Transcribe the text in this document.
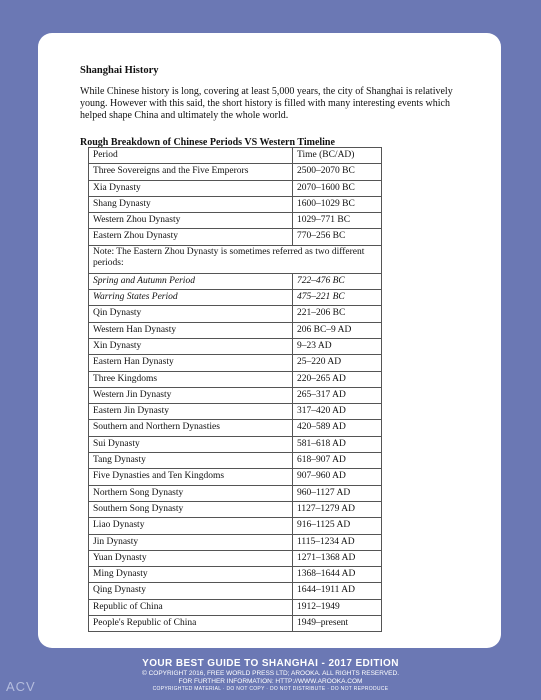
Shanghai History
While Chinese history is long, covering at least 5,000 years, the city of Shanghai is relatively young. However with this said, the short history is filled with many interesting events which helped shape China and ultimately the whole world.
Rough Breakdown of Chinese Periods VS Western Timeline
Period	Time (BC/AD)
Three Sovereigns and the Five Emperors	2500–2070 BC
Xia Dynasty	2070–1600 BC
Shang Dynasty	1600–1029 BC
Western Zhou Dynasty	1029–771 BC
Eastern Zhou Dynasty	770–256 BC
Note: The Eastern Zhou Dynasty is sometimes referred as two different periods:	
Spring and Autumn Period	722–476 BC
Warring States Period	475–221 BC
Qin Dynasty	221–206 BC
Western Han Dynasty	206 BC–9 AD
Xin Dynasty	9–23 AD
Eastern Han Dynasty	25–220 AD
Three Kingdoms	220–265 AD
Western Jin Dynasty	265–317 AD
Eastern Jin Dynasty	317–420 AD
Southern and Northern Dynasties	420–589 AD
Sui Dynasty	581–618 AD
Tang Dynasty	618–907 AD
Five Dynasties and Ten Kingdoms	907–960 AD
Northern Song Dynasty	960–1127 AD
Southern Song Dynasty	1127–1279 AD
Liao Dynasty	916–1125 AD
Jin Dynasty	1115–1234 AD
Yuan Dynasty	1271–1368 AD
Ming Dynasty	1368–1644 AD
Qing Dynasty	1644–1911 AD
Republic of China	1912–1949
People's Republic of China	1949–present
YOUR BEST GUIDE TO SHANGHAI - 2017 EDITION
© COPYRIGHT 2016, FREE WORLD PRESS LTD; AROOKA. ALL RIGHTS RESERVED.
FOR FURTHER INFORMATION: HTTP://WWW.AROOKA.COM
COPYRIGHTED MATERIAL · DO NOT COPY · DO NOT DISTRIBUTE · DO NOT REPRODUCE
ACV
